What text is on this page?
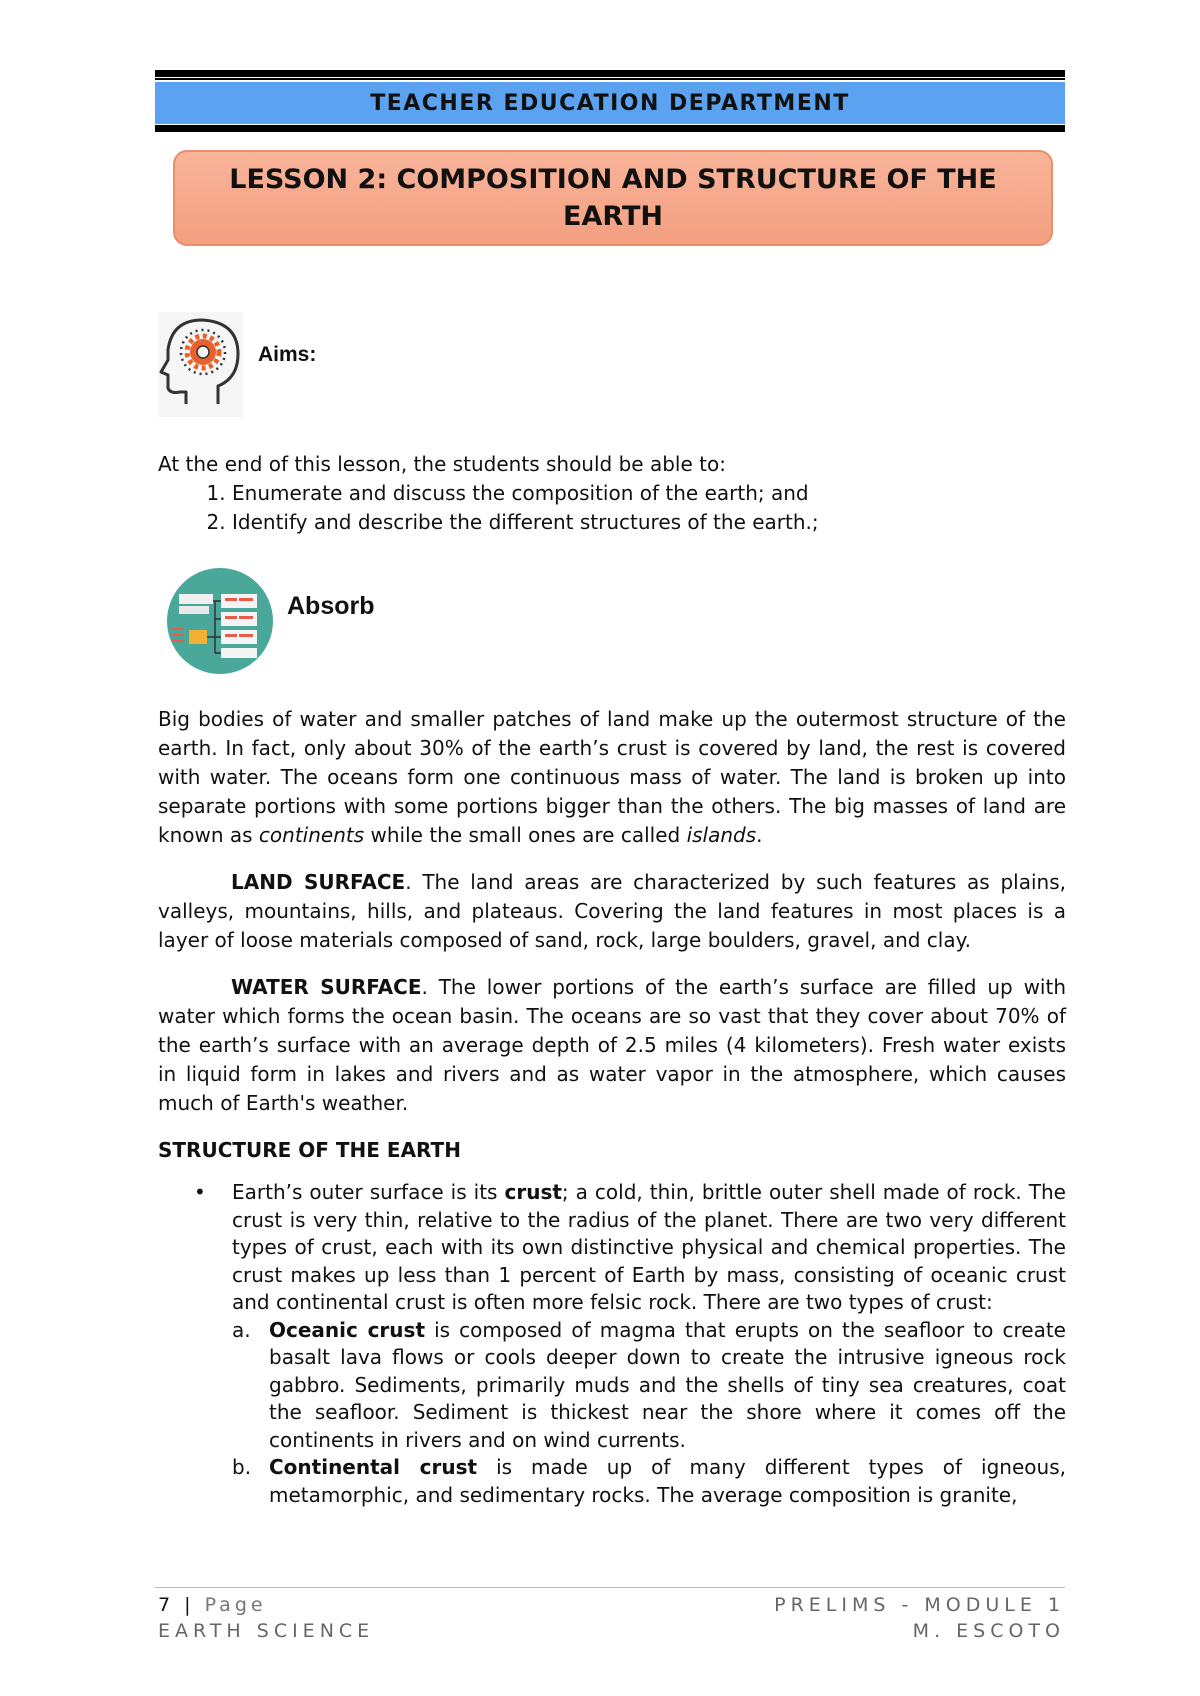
TEACHER EDUCATION DEPARTMENT
LESSON 2: COMPOSITION AND STRUCTURE OF THE EARTH
Aims:

At the end of this lesson, the students should be able to:

1. Enumerate and discuss the composition of the earth; and
2. Identify and describe the different structures of the earth.;
Absorb

Big bodies of water and smaller patches of land make up the outermost structure of the earth. In fact, only about 30% of the earth’s crust is covered by land, the rest is covered with water. The oceans form one continuous mass of water. The land is broken up into separate portions with some portions bigger than the others. The big masses of land are known as continents while the small ones are called islands.

LAND SURFACE. The land areas are characterized by such features as plains, valleys, mountains, hills, and plateaus. Covering the land features in most places is a layer of loose materials composed of sand, rock, large boulders, gravel, and clay.

WATER SURFACE. The lower portions of the earth’s surface are filled up with water which forms the ocean basin. The oceans are so vast that they cover about 70% of the earth’s surface with an average depth of 2.5 miles (4 kilometers). Fresh water exists in liquid form in lakes and rivers and as water vapor in the atmosphere, which causes much of Earth's weather.

STRUCTURE OF THE EARTH
• Earth’s outer surface is its crust; a cold, thin, brittle outer shell made of rock. The crust is very thin, relative to the radius of the planet. There are two very different types of crust, each with its own distinctive physical and chemical properties. The crust makes up less than 1 percent of Earth by mass, consisting of oceanic crust and continental crust is often more felsic rock. There are two types of crust:
a. Oceanic crust is composed of magma that erupts on the seafloor to create basalt lava flows or cools deeper down to create the intrusive igneous rock gabbro. Sediments, primarily muds and the shells of tiny sea creatures, coat the seafloor. Sediment is thickest near the shore where it comes off the continents in rivers and on wind currents.
b. Continental crust is made up of many different types of igneous, metamorphic, and sedimentary rocks. The average composition is granite,
7 | Page
EARTH SCIENCE
PRELIMS - MODULE 1
M. ESCOTO
